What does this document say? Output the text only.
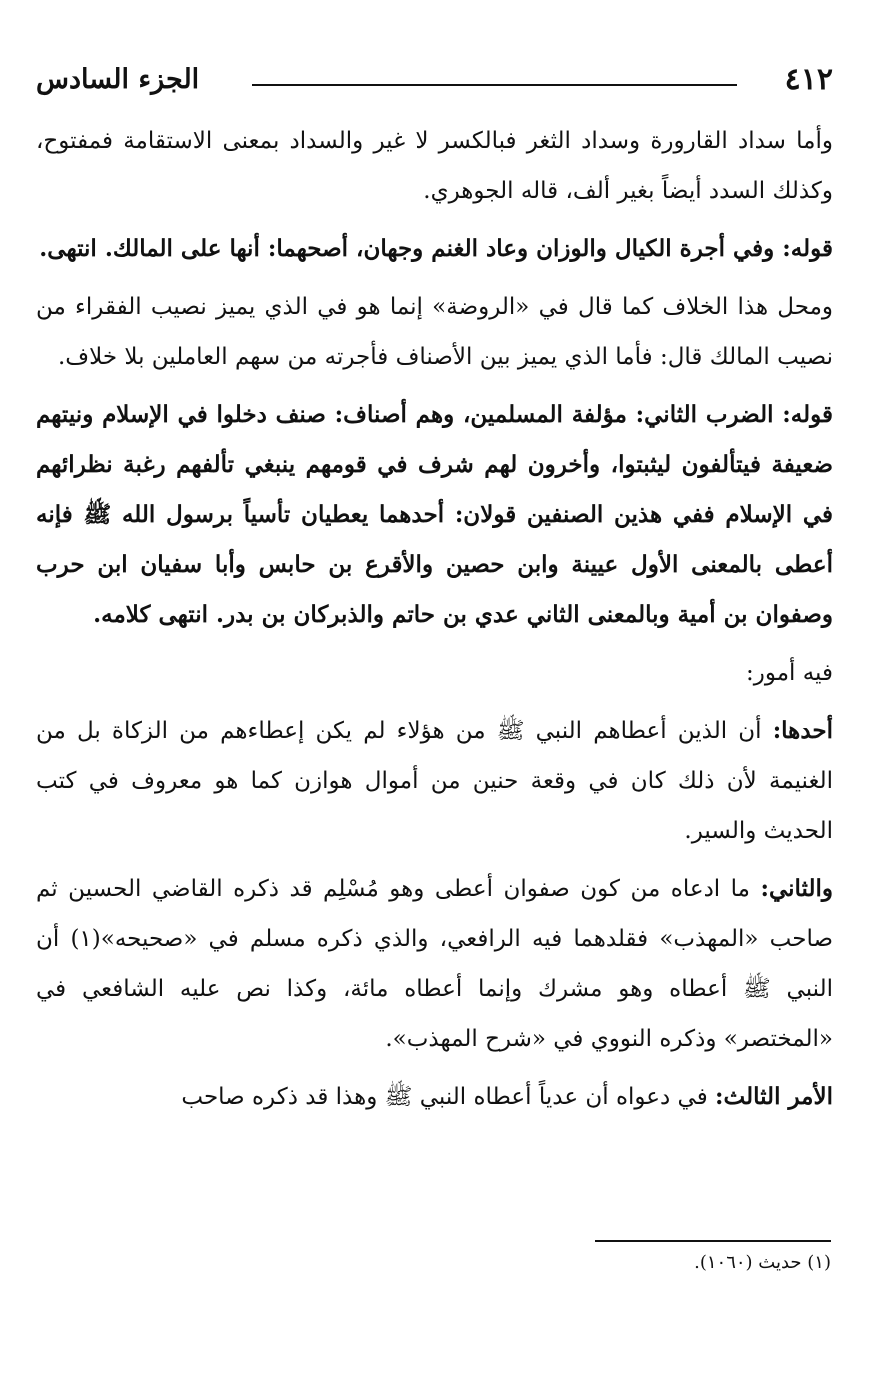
٤١٢
الجزء السادس

وأما سداد القارورة وسداد الثغر فبالكسر لا غير والسداد بمعنى الاستقامة فمفتوح، وكذلك السدد أيضاً بغير ألف، قاله الجوهري.

قوله: وفي أجرة الكيال والوزان وعاد الغنم وجهان، أصحهما: أنها على المالك. انتهى.

ومحل هذا الخلاف كما قال في «الروضة» إنما هو في الذي يميز نصيب الفقراء من نصيب المالك قال: فأما الذي يميز بين الأصناف فأجرته من سهم العاملين بلا خلاف.

قوله: الضرب الثاني: مؤلفة المسلمين، وهم أصناف: صنف دخلوا في الإسلام ونيتهم ضعيفة فيتألفون ليثبتوا، وأخرون لهم شرف في قومهم ينبغي تألفهم رغبة نظرائهم في الإسلام ففي هذين الصنفين قولان: أحدهما يعطيان تأسياً برسول الله ﷺ فإنه أعطى بالمعنى الأول عيينة وابن حصين والأقرع بن حابس وأبا سفيان ابن حرب وصفوان بن أمية وبالمعنى الثاني عدي بن حاتم والذبركان بن بدر. انتهى كلامه.

فيه أمور:

أحدها: أن الذين أعطاهم النبي ﷺ من هؤلاء لم يكن إعطاءهم من الزكاة بل من الغنيمة لأن ذلك كان في وقعة حنين من أموال هوازن كما هو معروف في كتب الحديث والسير.

والثاني: ما ادعاه من كون صفوان أعطى وهو مُسْلِم قد ذكره القاضي الحسين ثم صاحب «المهذب» فقلدهما فيه الرافعي، والذي ذكره مسلم في «صحيحه»(١) أن النبي ﷺ أعطاه وهو مشرك وإنما أعطاه مائة، وكذا نص عليه الشافعي في «المختصر» وذكره النووي في «شرح المهذب».

الأمر الثالث: في دعواه أن عدياً أعطاه النبي ﷺ وهذا قد ذكره صاحب

(١) حديث (١٠٦٠).
